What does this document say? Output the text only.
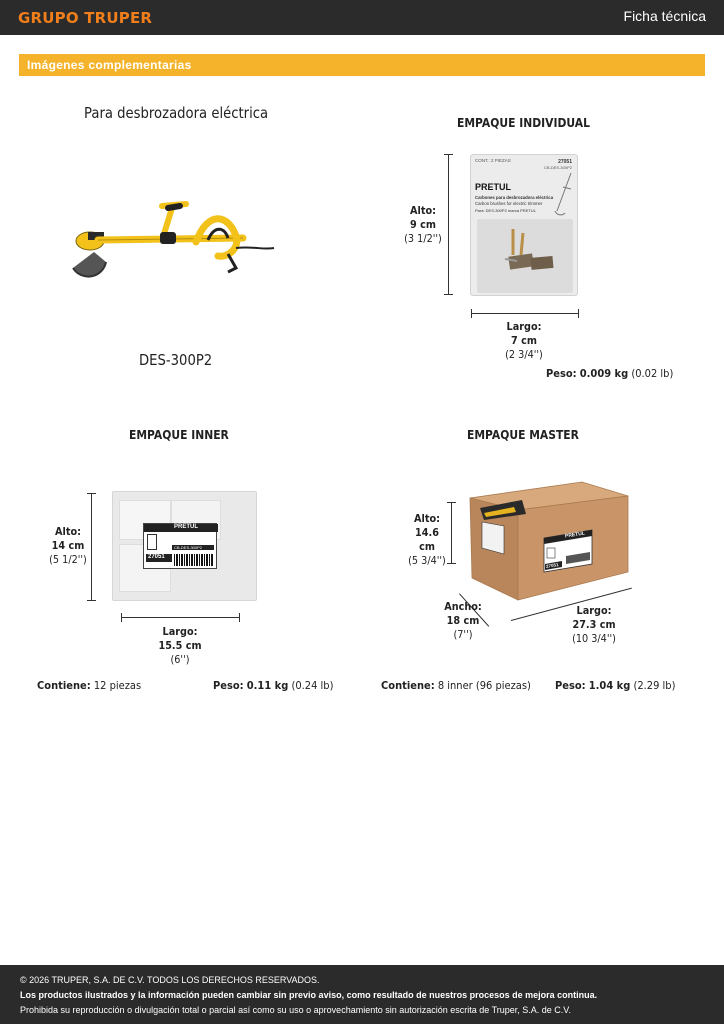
GRUPO TRUPER	Ficha técnica
Imágenes complementarias
Para desbrozadora eléctrica
DES-300P2
EMPAQUE INDIVIDUAL
Alto:
9 cm
(3 1/2'')
CONT.: 2 PIEZAS	27051
CB-DES-300P2
PRETUL
Carbones para desbrozadora eléctrica
Carbon brushes for electric trimmer
Para: DES-300P2 marca PRETUL
Largo:
7 cm
(2 3/4'')
Peso: 0.009 kg (0.02 lb)
EMPAQUE INNER
Alto:
14 cm
(5 1/2'')
PRETUL
CB-DES-300P2
27051
Largo:
15.5 cm
(6'')
Contiene: 12 piezas	Peso: 0.11 kg (0.24 lb)
EMPAQUE MASTER
Alto:
14.6 cm
(5 3/4'')
PRETUL
27051
Ancho:
18 cm
(7'')
Largo:
27.3 cm
(10 3/4'')
Contiene: 8 inner (96 piezas) Peso: 1.04 kg (2.29 lb)
© 2026 TRUPER, S.A. DE C.V. TODOS LOS DERECHOS RESERVADOS.
Los productos ilustrados y la información pueden cambiar sin previo aviso, como resultado de nuestros procesos de mejora continua.
Prohibida su reproducción o divulgación total o parcial así como su uso o aprovechamiento sin autorización escrita de Truper, S.A. de C.V.
